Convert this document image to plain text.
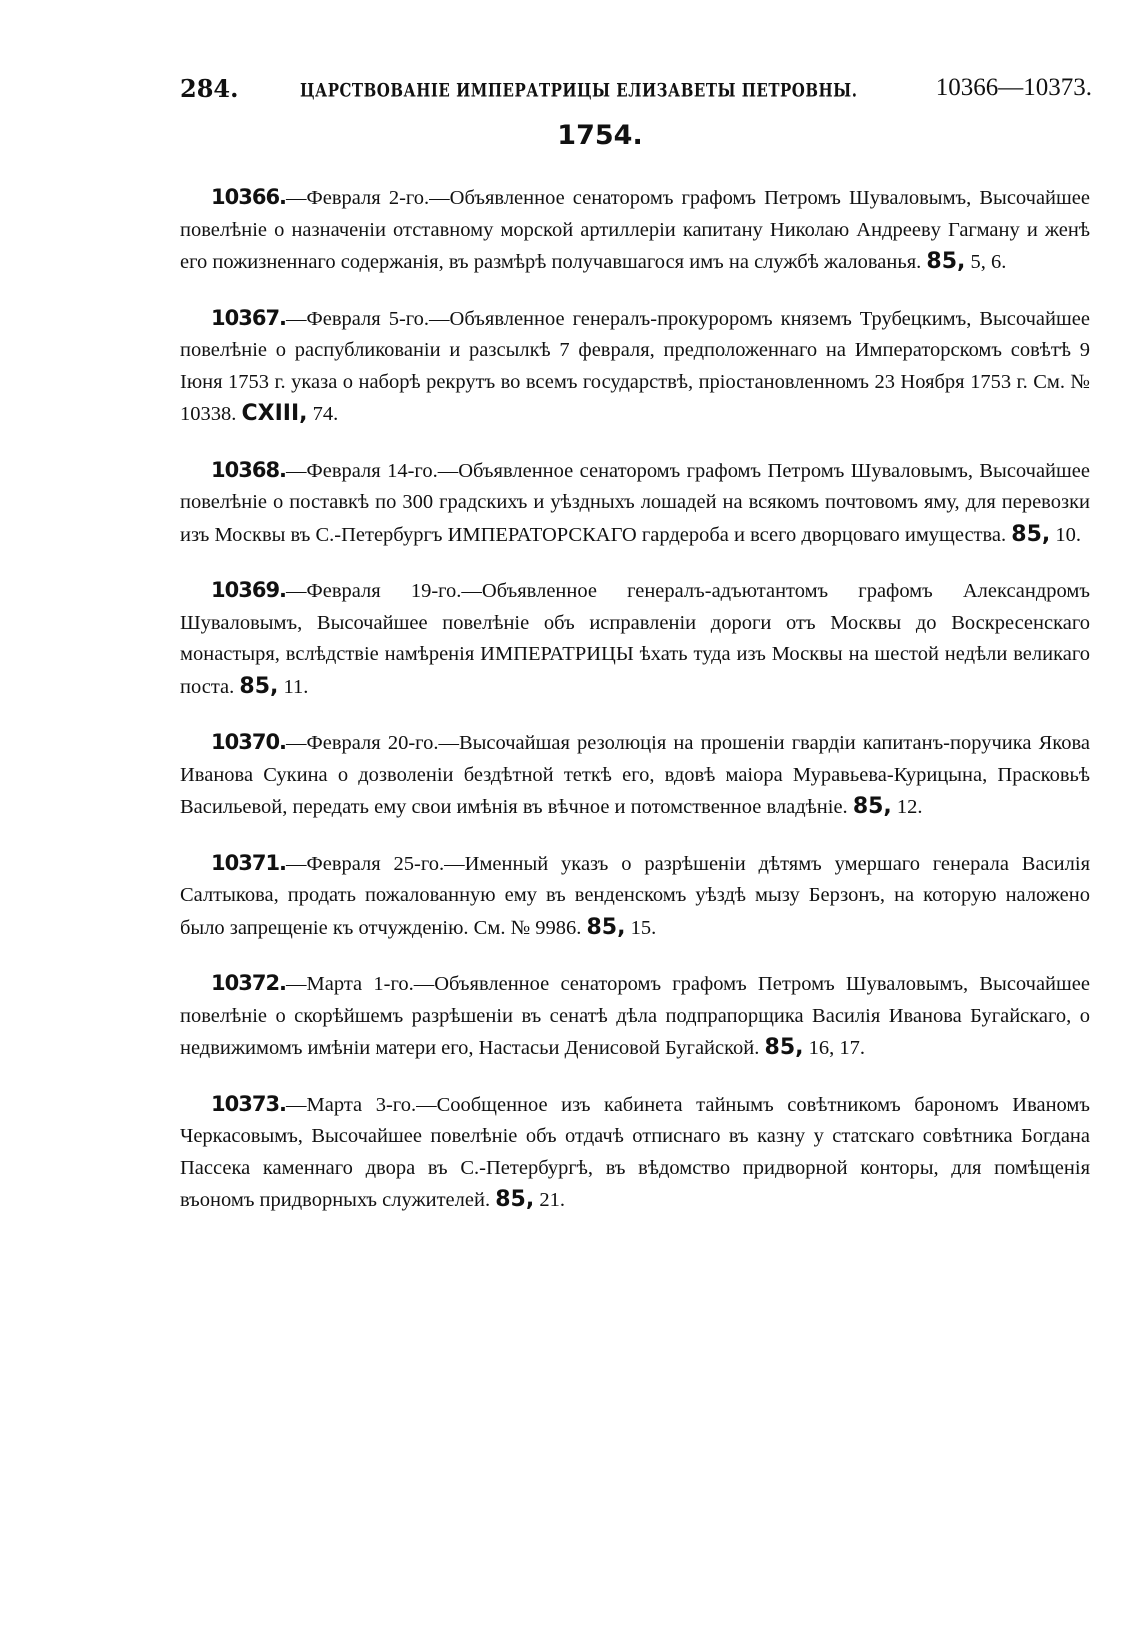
284.	ЦАРСТВОВАНІЕ ИМПЕРАТРИЦЫ ЕЛИЗАВЕТЫ ПЕТРОВНЫ.	10366—10373.
1754.

10366.—Февраля 2-го.—Объявленное сенаторомъ графомъ Петромъ Шуваловымъ, Высочайшее повелѣніе о назначеніи отставному морской артиллеріи капитану Николаю Андреевy Гагману и женѣ его пожизненнаго содержанія, въ размѣрѣ получавшагося имъ на службѣ жалованья. 85, 5, 6.

10367.—Февраля 5-го.—Объявленное генералъ-прокуроромъ княземъ Трубецкимъ, Высочайшее повелѣніе о распубликованіи и разсылкѣ 7 февраля, предположеннаго на Императорскомъ совѣтѣ 9 Іюня 1753 г. указа о наборѣ рекрутъ во всемъ государствѣ, пріостановленномъ 23 Ноября 1753 г. См. № 10338. CXIII, 74.

10368.—Февраля 14-го.—Объявленное сенаторомъ графомъ Петромъ Шуваловымъ, Высочайшее повелѣніе о поставкѣ по 300 градскихъ и уѣздныхъ лошадей на всякомъ почтовомъ яму, для перевозки изъ Москвы въ С.-Петербургъ ИМПЕРАТОРСКАГО гардероба и всего дворцоваго имущества. 85, 10.

10369.—Февраля 19-го.—Объявленное генералъ-адъютантомъ графомъ Александромъ Шуваловымъ, Высочайшее повелѣніе объ исправленіи дороги отъ Москвы до Воскресенскаго монастыря, вслѣдствіе намѣренія ИМПЕРАТРИЦЫ ѣхать туда изъ Москвы на шестой недѣли великаго поста. 85, 11.

10370.—Февраля 20-го.—Высочайшая резолюція на прошеніи гвардіи капитанъ-поручика Якова Иванова Сукина о дозволеніи бездѣтной теткѣ его, вдовѣ маіора Муравьева-Курицына, Прасковьѣ Васильевой, передать ему свои имѣнія въ вѣчное и потомственное владѣніе. 85, 12.

10371.—Февраля 25-го.—Именный указъ о разрѣшеніи дѣтямъ умершаго генерала Василія Салтыкова, продать пожалованную ему въ венденскомъ уѣздѣ мызу Берзонъ, на которую наложено было запрещеніе къ отчужденію. См. № 9986. 85, 15.

10372.—Марта 1-го.—Объявленное сенаторомъ графомъ Петромъ Шуваловымъ, Высочайшее повелѣніе о скорѣйшемъ разрѣшеніи въ сенатѣ дѣла подпрапорщика Василія Иванова Бугайскаго, о недвижимомъ имѣніи матери его, Настасьи Денисовой Бугайской. 85, 16, 17.

10373.—Марта 3-го.—Сообщенное изъ кабинета тайнымъ совѣтникомъ барономъ Иваномъ Черкасовымъ, Высочайшее повелѣніе объ отдачѣ отписнаго въ казну у статскаго совѣтника Богдана Пассека каменнаго двора въ С.-Петербургѣ, въ вѣдомство придворной конторы, для помѣщенія въономъ придворныхъ служителей. 85, 21.
